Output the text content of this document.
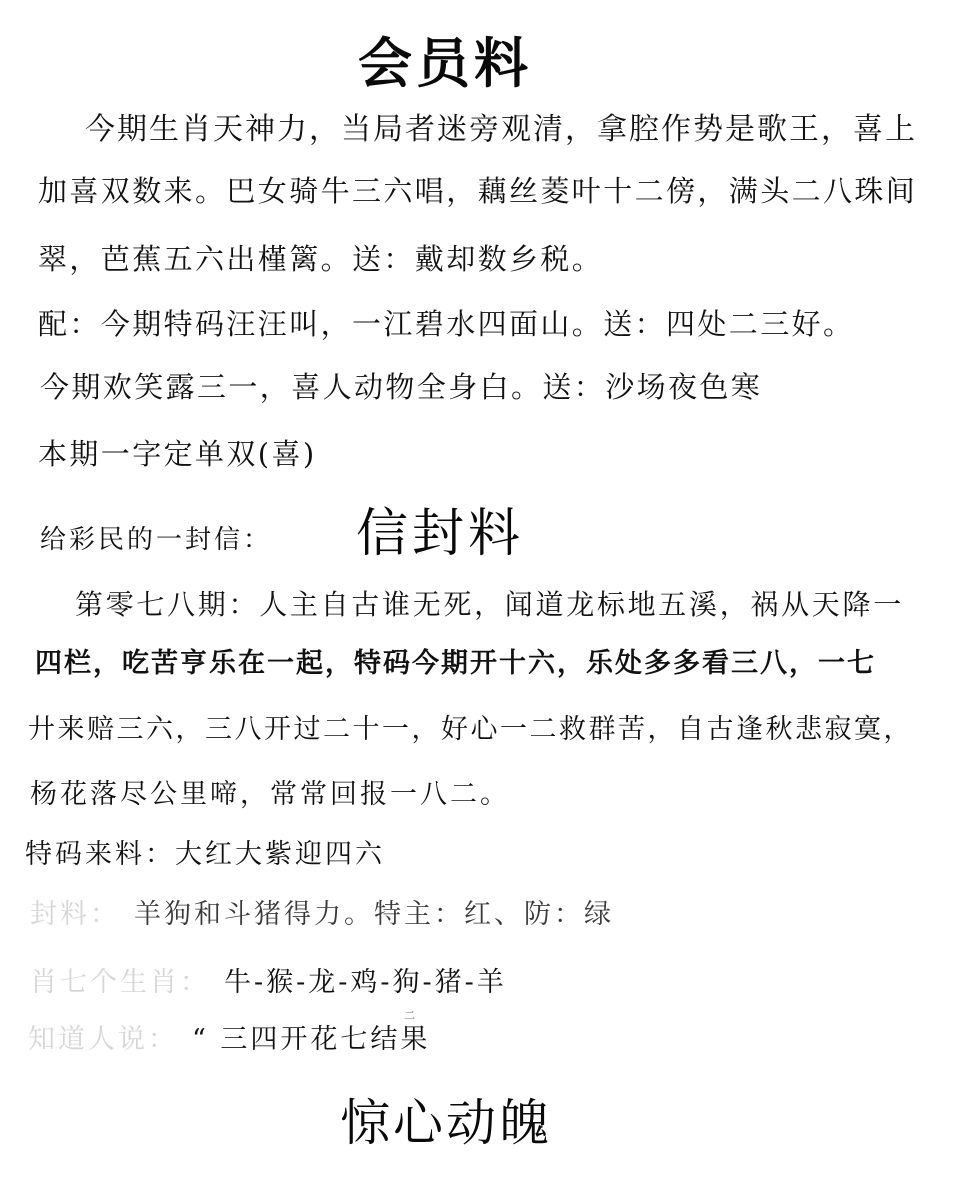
会员料
今期生肖天神力，当局者迷旁观清，拿腔作势是歌王，喜上
加喜双数来。巴女骑牛三六唱，藕丝菱叶十二傍，满头二八珠间
翠，芭蕉五六出槿篱。送：戴却数乡税。
配：今期特码汪汪叫，一江碧水四面山。送：四处二三好。
今期欢笑露三一，喜人动物全身白。送：沙场夜色寒
本期一字定单双(喜)
给彩民的一封信： 信封料
第零七八期：人主自古谁无死，闻道龙标地五溪，祸从天降一
四栏，吃苦亨乐在一起，特码今期开十六，乐处多多看三八，一七
廾来赔三六，三八开过二十一，好心一二救群苦，自古逢秋悲寂寞，
杨花落尽公里啼，常常回报一八二。
特码来料：大红大紫迎四六
封料： 羊狗和斗猪得力。特主：红、防：绿
肖七个生肖： 牛-猴-龙-鸡-狗-猪-羊
二
知道人说： “ 三四开花七结果
惊心动魄
